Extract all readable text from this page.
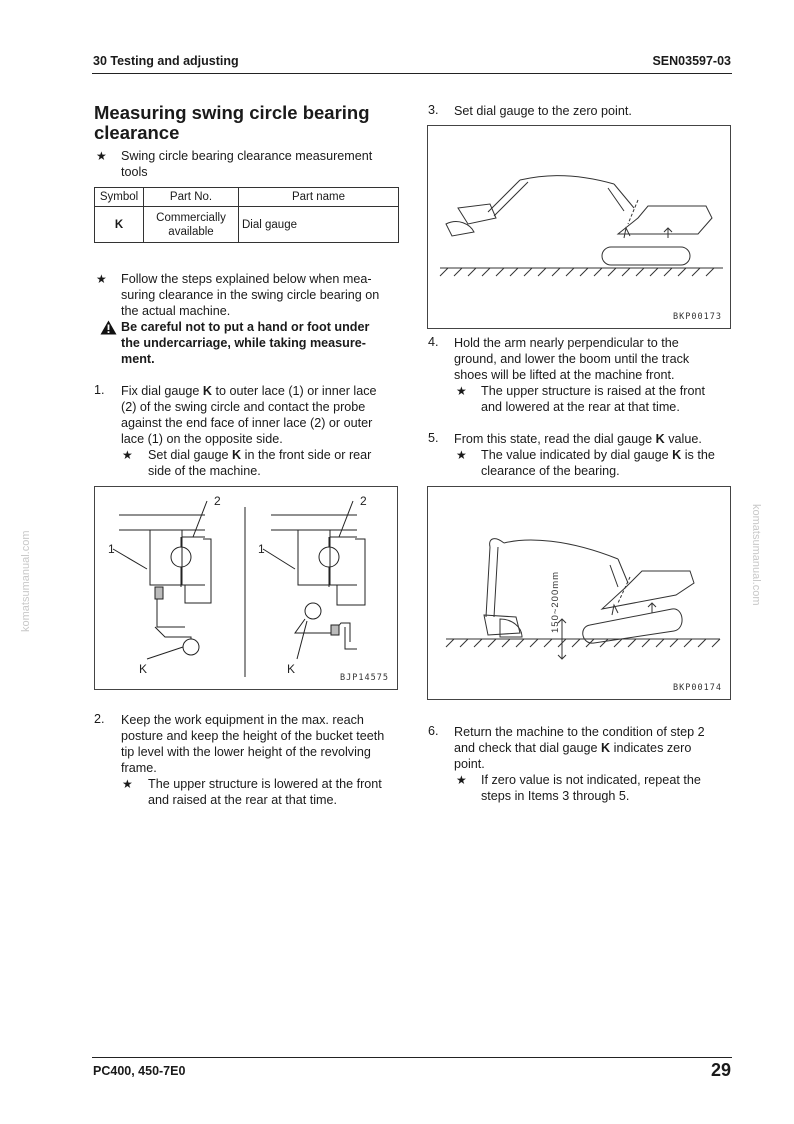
30 Testing and adjusting	SEN03597-03
komatsumanual.com	komatsumanual.com
Measuring swing circle bearing
clearance
★ Swing circle bearing clearance measurement
tools
Symbol	Part No.	Part name
K	Commercially
available	Dial gauge
★ Follow the steps explained below when mea-
suring clearance in the swing circle bearing on
the actual machine.
Be careful not to put a hand or foot under
the undercarriage, while taking measure-
ment.
1. Fix dial gauge K to outer lace (1) or inner lace
(2) of the swing circle and contact the probe
against the end face of inner lace (2) or outer
lace (1) on the opposite side.
★ Set dial gauge K in the front side or rear
side of the machine.
2	2
1	1
K	K
BJP14575
2. Keep the work equipment in the max. reach
posture and keep the height of the bucket teeth
tip level with the lower height of the revolving
frame.
★ The upper structure is lowered at the front
and raised at the rear at that time.
3. Set dial gauge to the zero point.
BKP00173
4. Hold the arm nearly perpendicular to the
ground, and lower the boom until the track
shoes will be lifted at the machine front.
★ The upper structure is raised at the front
and lowered at the rear at that time.
5. From this state, read the dial gauge K value.
★ The value indicated by dial gauge K is the
clearance of the bearing.
150~200mm
BKP00174
6. Return the machine to the condition of step 2
and check that dial gauge K indicates zero
point.
★ If zero value is not indicated, repeat the
steps in Items 3 through 5.
PC400, 450-7E0	29
